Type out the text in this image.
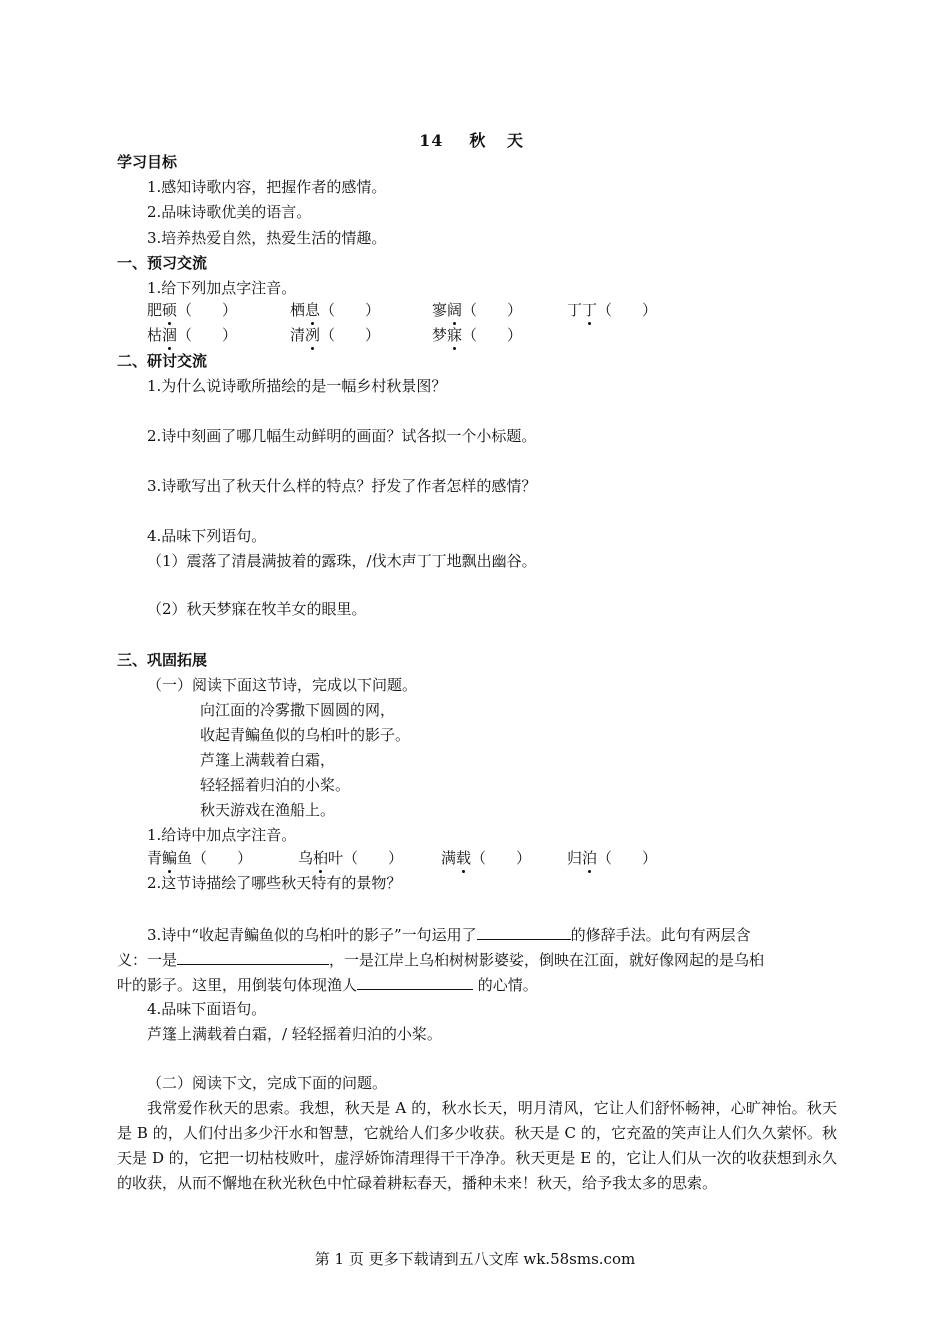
14 秋 天
学习目标
1.感知诗歌内容，把握作者的感情。
2.品味诗歌优美的语言。
3.培养热爱自然，热爱生活的情趣。
一、预习交流
1.给下列加点字注音。
肥硕（　　）	栖息（　　）	寥阔（　　）	丁丁（　　）
枯涸（　　）	清冽（　　）	梦寐（　　）
二、研讨交流
1.为什么说诗歌所描绘的是一幅乡村秋景图？
2.诗中刻画了哪几幅生动鲜明的画面？试各拟一个小标题。
3.诗歌写出了秋天什么样的特点？抒发了作者怎样的感情？
4.品味下列语句。
（1）震落了清晨满披着的露珠，/伐木声丁丁地飘出幽谷。
（2）秋天梦寐在牧羊女的眼里。
三、巩固拓展
（一）阅读下面这节诗，完成以下问题。
向江面的冷雾撒下圆圆的网，
收起青鳊鱼似的乌桕叶的影子。
芦篷上满载着白霜，
轻轻摇着归泊的小桨。
秋天游戏在渔船上。
1.给诗中加点字注音。
青鳊鱼（　　）	乌桕叶（　　）	满载（　　） 归泊（　　）
2.这节诗描绘了哪些秋天特有的景物？
3.诗中“收起青鳊鱼似的乌桕叶的影子”一句运用了	的修辞手法。此句有两层含
义：一是	，一是江岸上乌桕树树影婆娑，倒映在江面，就好像网起的是乌桕
叶的影子。这里，用倒装句体现渔人	的心情。
4.品味下面语句。
芦篷上满载着白霜，/ 轻轻摇着归泊的小桨。
（二）阅读下文，完成下面的问题。
我常爱作秋天的思索。我想，秋天是 A 的，秋水长天，明月清风，它让人们舒怀畅神，心旷神怡。秋天是 B 的，人们付出多少汗水和智慧，它就给人们多少收获。秋天是 C 的，它充盈的笑声让人们久久萦怀。秋天是 D 的，它把一切枯枝败叶，虚浮娇饰清理得干干净净。秋天更是 E 的，它让人们从一次的收获想到永久的收获，从而不懈地在秋光秋色中忙碌着耕耘春天，播种未来！秋天，给予我太多的思索。
第 1 页 更多下载请到五八文库 wk.58sms.com
